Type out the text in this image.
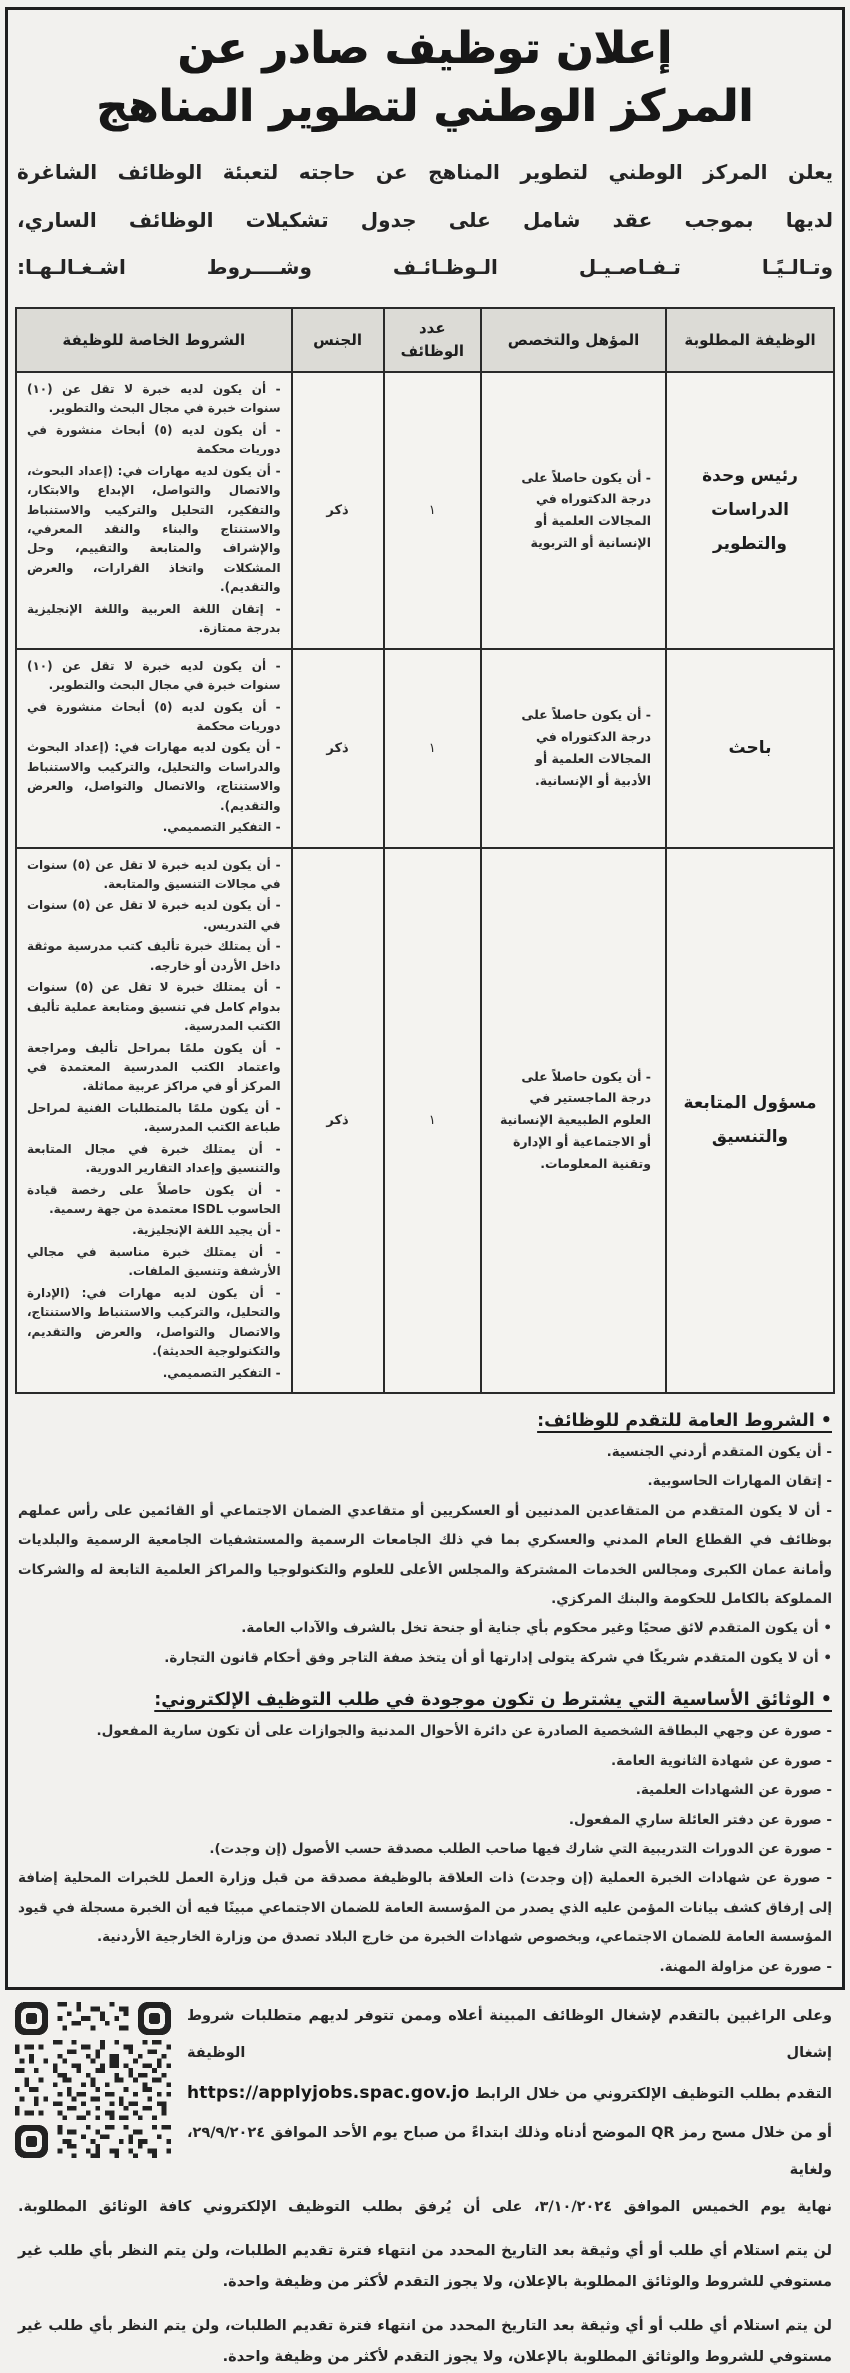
إعلان توظيف صادر عن
المركز الوطني لتطوير المناهج
يعلن المركز الوطني لتطوير المناهج عن حاجته لتعبئة الوظائف الشاغرة
لديها بموجب عقد شامل على جدول تشكيلات الوظائف الساري،
وتـالـيًـا تـفـاصـيـل الـوظـائـف وشــــروط اشـغـالـهـا:
الوظيفة المطلوبة	المؤهل والتخصص	عدد الوظائف	الجنس	الشروط الخاصة للوظيفة
رئيس وحدة الدراسات والتطوير	- أن يكون حاصلاً على درجة الدكتوراه في المجالات العلمية أو الإنسانية أو التربوية	١	ذكر	- أن يكون لديه خبرة لا تقل عن (١٠) سنوات خبرة في مجال البحث والتطوير.
- أن يكون لديه (٥) أبحاث منشورة في دوريات محكمة
- أن يكون لديه مهارات في: (إعداد البحوث، والاتصال والتواصل، الإبداع والابتكار، والتفكير، التحليل والتركيب والاستنباط والاستنتاج والبناء والنقد المعرفي، والإشراف والمتابعة والتقييم، وحل المشكلات واتخاذ القرارات، والعرض والتقديم).
- إتقان اللغة العربية واللغة الإنجليزية بدرجة ممتازة.

باحث	- أن يكون حاصلاً على درجة الدكتوراه في المجالات العلمية أو الأدبية أو الإنسانية.	١	ذكر	- أن يكون لديه خبرة لا تقل عن (١٠) سنوات خبرة في مجال البحث والتطوير.
- أن يكون لديه (٥) أبحاث منشورة في دوريات محكمة
- أن يكون لديه مهارات في: (إعداد البحوث والدراسات والتحليل، والتركيب والاستنباط والاستنتاج، والاتصال والتواصل، والعرض والتقديم).
- التفكير التصميمي.

مسؤول المتابعة والتنسيق	- أن يكون حاصلاً على درجة الماجستير في العلوم الطبيعية الإنسانية أو الاجتماعية أو الإدارة وتقنية المعلومات.	١	ذكر	
- أن يكون لديه خبرة لا تقل عن (٥) سنوات في مجالات التنسيق والمتابعة.
- أن يكون لديه خبرة لا تقل عن (٥) سنوات في التدريس.
- أن يمتلك خبرة تأليف كتب مدرسية موثقة داخل الأردن أو خارجه.
- أن يمتلك خبرة لا تقل عن (٥) سنوات بدوام كامل في تنسيق ومتابعة عملية تأليف الكتب المدرسية.
- أن يكون ملمًا بمراحل تأليف ومراجعة واعتماد الكتب المدرسية المعتمدة في المركز أو في مراكز عربية مماثلة.
- أن يكون ملمًا بالمتطلبات الفنية لمراحل طباعة الكتب المدرسية.
- أن يمتلك خبرة في مجال المتابعة والتنسيق وإعداد التقارير الدورية.
- أن يكون حاصلاً على رخصة قيادة الحاسوب ISDL معتمدة من جهة رسمية.
- أن يجيد اللغة الإنجليزية.
- أن يمتلك خبرة مناسبة في مجالي الأرشفة وتنسيق الملفات.
- أن يكون لديه مهارات في: (الإدارة والتحليل، والتركيب والاستنباط والاستنتاج، والاتصال والتواصل، والعرض والتقديم، والتكنولوجية الحديثة).
- التفكير التصميمي.
• الشروط العامة للتقدم للوظائف:
- أن يكون المتقدم أردني الجنسية.
- إتقان المهارات الحاسوبية.
- أن لا يكون المتقدم من المتقاعدين المدنيين أو العسكريين أو متقاعدي الضمان الاجتماعي أو القائمين على رأس عملهم بوظائف في القطاع العام المدني والعسكري بما في ذلك الجامعات الرسمية والمستشفيات الجامعية الرسمية والبلديات وأمانة عمان الكبرى ومجالس الخدمات المشتركة والمجلس الأعلى للعلوم والتكنولوجيا والمراكز العلمية التابعة له والشركات المملوكة بالكامل للحكومة والبنك المركزي.
• أن يكون المتقدم لائق صحيًا وغير محكوم بأي جناية أو جنحة تخل بالشرف والآداب العامة.
• أن لا يكون المتقدم شريكًا في شركة يتولى إدارتها أو أن يتخذ صفة التاجر وفق أحكام قانون التجارة.
• الوثائق الأساسية التي يشترط ن تكون موجودة في طلب التوظيف الإلكتروني:
- صورة عن وجهي البطاقة الشخصية الصادرة عن دائرة الأحوال المدنية والجوازات على أن تكون سارية المفعول.
- صورة عن شهادة الثانوية العامة.
- صورة عن الشهادات العلمية.
- صورة عن دفتر العائلة ساري المفعول.
- صورة عن الدورات التدريبية التي شارك فيها صاحب الطلب مصدقة حسب الأصول (إن وجدت).
- صورة عن شهادات الخبرة العملية (إن وجدت) ذات العلاقة بالوظيفة مصدقة من قبل وزارة العمل للخبرات المحلية إضافة إلى إرفاق كشف بيانات المؤمن عليه الذي يصدر من المؤسسة العامة للضمان الاجتماعي مبينًا فيه أن الخبرة مسجلة في قيود المؤسسة العامة للضمان الاجتماعي، وبخصوص شهادات الخبرة من خارج البلاد تصدق من وزارة الخارجية الأردنية.
- صورة عن مزاولة المهنة.
وعلى الراغبين بالتقدم لإشغال الوظائف المبينة أعلاه وممن تتوفر لديهم متطلبات شروط إشغال الوظيفة
التقدم بطلب التوظيف الإلكتروني من خلال الرابط https://applyjobs.spac.gov.jo
أو من خلال مسح رمز QR الموضح أدناه وذلك ابتداءً من صباح يوم الأحد الموافق ٢٩/٩/٢٠٢٤، ولغاية
نهاية يوم الخميس الموافق ٣/١٠/٢٠٢٤، على أن يُرفق بطلب التوظيف الإلكتروني كافة الوثائق المطلوبة.
لن يتم استلام أي طلب أو أي وثيقة بعد التاريخ المحدد من انتهاء فترة تقديم الطلبات، ولن يتم النظر بأي طلب غير مستوفي للشروط والوثائق المطلوبة بالإعلان، ولا يجوز التقدم لأكثر من وظيفة واحدة.
لن يتم استلام أي طلب أو أي وثيقة بعد التاريخ المحدد من انتهاء فترة تقديم الطلبات، ولن يتم النظر بأي طلب غير مستوفي للشروط والوثائق المطلوبة بالإعلان، ولا يجوز التقدم لأكثر من وظيفة واحدة.
